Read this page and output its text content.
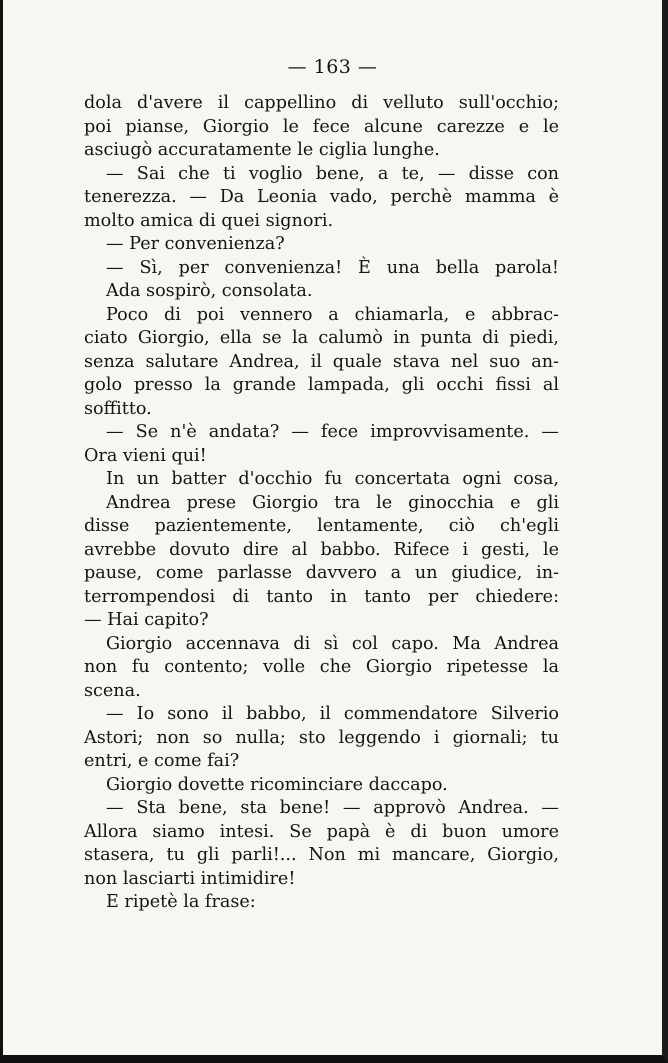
— 163 —
dola d'avere il cappellino di velluto sull'occhio;
poi pianse, Giorgio le fece alcune carezze e le
asciugò accuratamente le ciglia lunghe.
— Sai che ti voglio bene, a te, — disse con
tenerezza. — Da Leonia vado, perchè mamma è
molto amica di quei signori.
— Per convenienza?
— Sì, per convenienza! È una bella parola!
Ada sospirò, consolata.
Poco di poi vennero a chiamarla, e abbrac-
ciato Giorgio, ella se la calumò in punta di piedi,
senza salutare Andrea, il quale stava nel suo an-
golo presso la grande lampada, gli occhi fissi al
soffitto.
— Se n'è andata? — fece improvvisamente. —
Ora vieni qui!
In un batter d'occhio fu concertata ogni cosa,
Andrea prese Giorgio tra le ginocchia e gli
disse pazientemente, lentamente, ciò ch'egli
avrebbe dovuto dire al babbo. Rifece i gesti, le
pause, come parlasse davvero a un giudice, in-
terrompendosi di tanto in tanto per chiedere:
— Hai capito?
Giorgio accennava di sì col capo. Ma Andrea
non fu contento; volle che Giorgio ripetesse la
scena.
— Io sono il babbo, il commendatore Silverio
Astori; non so nulla; sto leggendo i giornali; tu
entri, e come fai?
Giorgio dovette ricominciare daccapo.
— Sta bene, sta bene! — approvò Andrea. —
Allora siamo intesi. Se papà è di buon umore
stasera, tu gli parli!... Non mi mancare, Giorgio,
non lasciarti intimidire!
E ripetè la frase:
